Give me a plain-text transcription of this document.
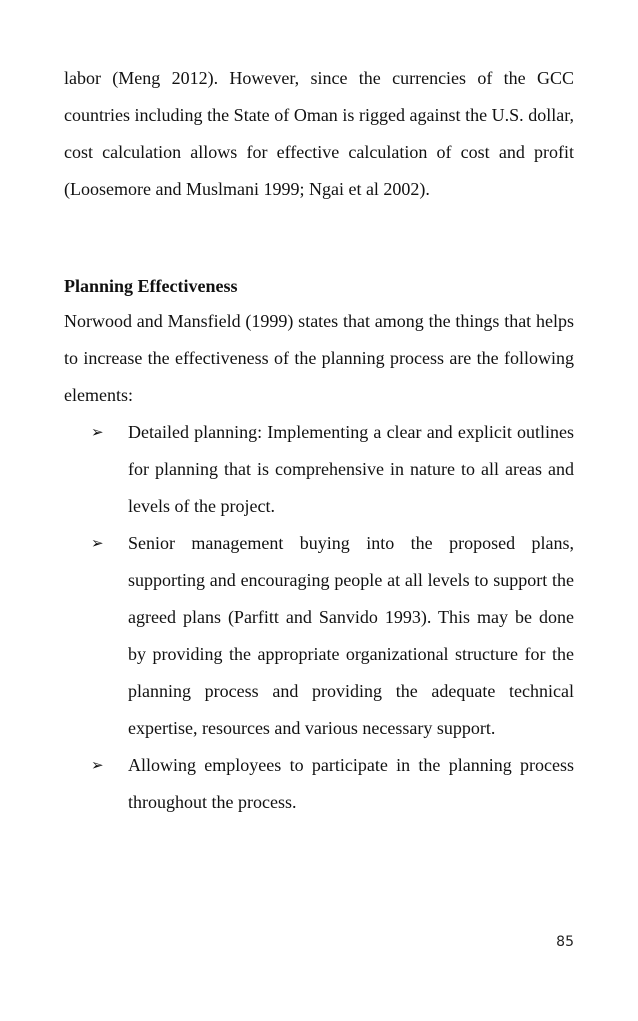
labor (Meng 2012). However, since the currencies of the GCC countries including the State of Oman is rigged against the U.S. dollar, cost calculation allows for effective calculation of cost and profit (Loosemore and Muslmani 1999; Ngai et al 2002).

Planning Effectiveness

Norwood and Mansfield (1999) states that among the things that helps to increase the effectiveness of the planning process are the following elements:

➢	Detailed planning: Implementing a clear and explicit outlines for planning that is comprehensive in nature to all areas and levels of the project.
➢	Senior management buying into the proposed plans, supporting and encouraging people at all levels to support the agreed plans (Parfitt and Sanvido 1993). This may be done by providing the appropriate organizational structure for the planning process and providing the adequate technical expertise, resources and various necessary support.
➢	Allowing employees to participate in the planning process throughout the process.
85
